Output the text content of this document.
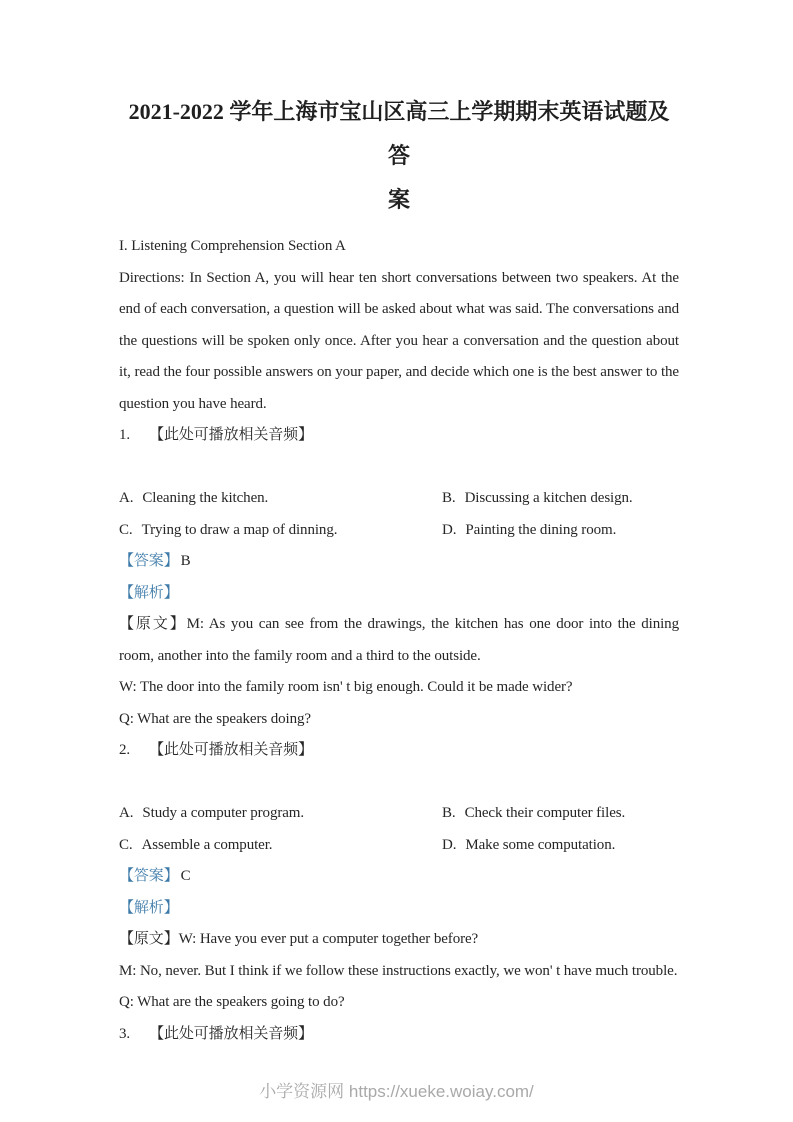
2021-2022 学年上海市宝山区高三上学期期末英语试题及答
案

I. Listening Comprehension Section A

Directions: In Section A, you will hear ten short conversations between two speakers. At the end of each conversation, a question will be asked about what was said. The conversations and the questions will be spoken only once. After you hear a conversation and the question about it, read the four possible answers on your paper, and decide which one is the best answer to the question you have heard.

1. 【此处可播放相关音频】

A. Cleaning the kitchen.	B. Discussing a kitchen design.

C. Trying to draw a map of dinning.	D. Painting the dining room.

【答案】 B

【解析】

【原文】M: As you can see from the drawings, the kitchen has one door into the dining room, another into the family room and a third to the outside.

W: The door into the family room isn' t big enough. Could it be made wider?

Q: What are the speakers doing?

2. 【此处可播放相关音频】

A. Study a computer program.	B. Check their computer files.

C. Assemble a computer.	D. Make some computation.

【答案】 C

【解析】

【原文】W: Have you ever put a computer together before?

M: No, never. But I think if we follow these instructions exactly, we won' t have much trouble.

Q: What are the speakers going to do?

3. 【此处可播放相关音频】

小学资源网 https://xueke.woiay.com/
